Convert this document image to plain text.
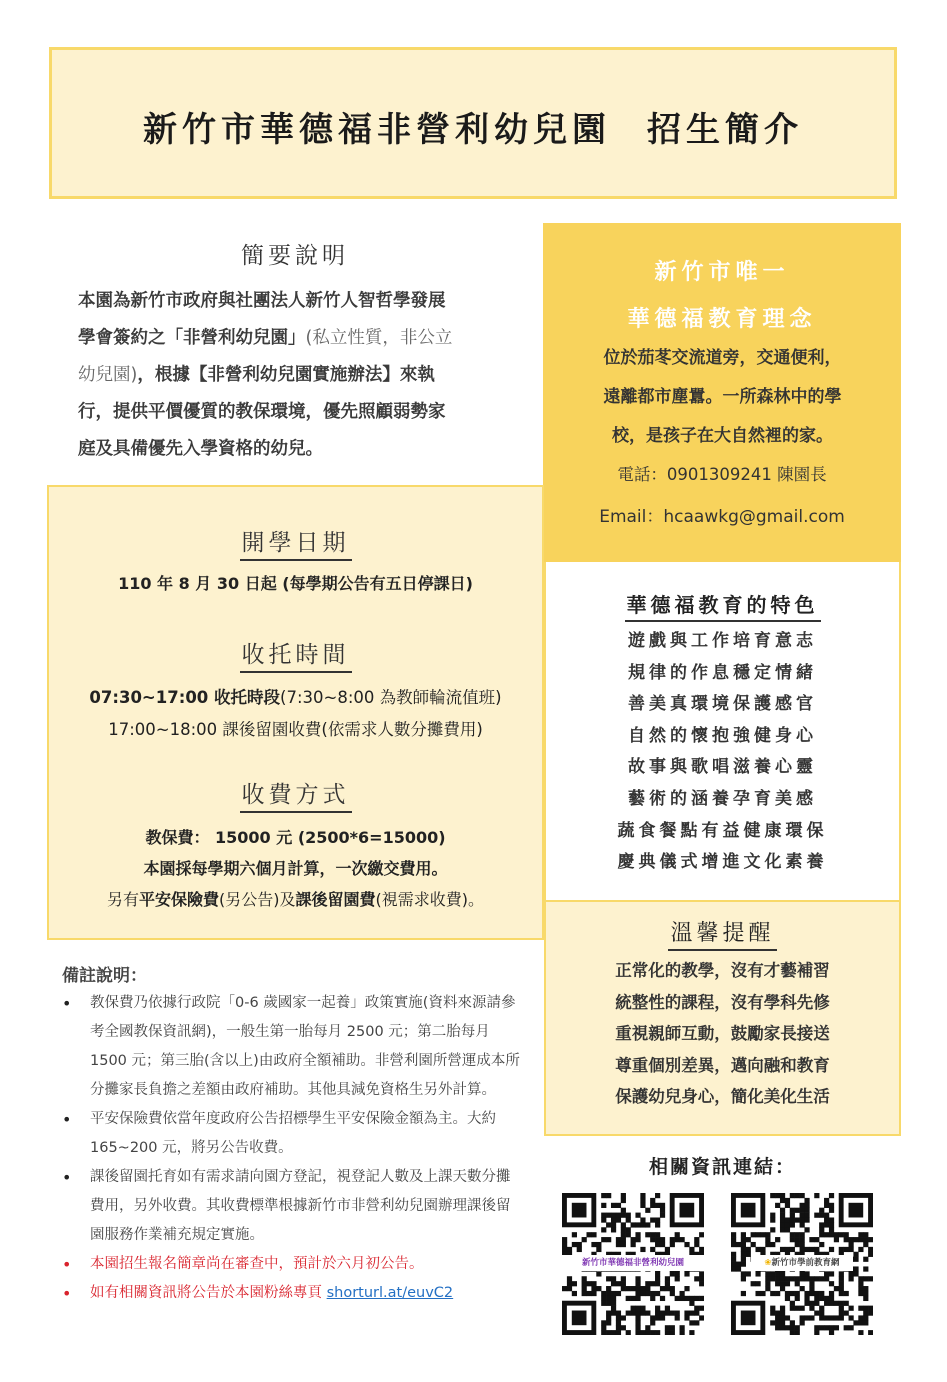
新竹市華德福非營利幼兒園 招生簡介
簡要說明
本園為新竹市政府與社團法人新竹人智哲學發展
學會簽約之「非營利幼兒園」(私立性質，非公立
幼兒園)，根據【非營利幼兒園實施辦法】來執
行，提供平價優質的教保環境，優先照顧弱勢家
庭及具備優先入學資格的幼兒。
新竹市唯一
華德福教育理念
位於茄苳交流道旁，交通便利，
遠離都市塵囂。一所森林中的學
校，是孩子在大自然裡的家。
電話：0901309241 陳園長
Email：hcaawkg@gmail.com
開學日期
110 年 8 月 30 日起 (每學期公告有五日停課日)
收托時間
07:30~17:00 收托時段(7:30~8:00 為教師輪流值班)
17:00~18:00 課後留園收費(依需求人數分攤費用)
收費方式
教保費： 15000 元 (2500*6=15000)
本園採每學期六個月計算，一次繳交費用。
另有平安保險費(另公告)及課後留園費(視需求收費)。
華德福教育的特色
遊戲與工作培育意志
規律的作息穩定情緒
善美真環境保護感官
自然的懷抱強健身心
故事與歌唱滋養心靈
藝術的涵養孕育美感
蔬食餐點有益健康環保
慶典儀式增進文化素養
溫馨提醒
正常化的教學，沒有才藝補習
統整性的課程，沒有學科先修
重視親師互動，鼓勵家長接送
尊重個別差異，邁向融和教育
保護幼兒身心，簡化美化生活
備註說明：
• 教保費乃依據行政院「0-6 歲國家一起養」政策實施(資料來源請參考全國教保資訊網)，一般生第一胎每月 2500 元；第二胎每月 1500 元；第三胎(含以上)由政府全額補助。非營利園所營運成本所分攤家長負擔之差額由政府補助。其他具減免資格生另外計算。
• 平安保險費依當年度政府公告招標學生平安保險金額為主。大約 165~200 元，將另公告收費。
• 課後留園托育如有需求請向園方登記，視登記人數及上課天數分攤費用，另外收費。其收費標準根據新竹市非營利幼兒園辦理課後留園服務作業補充規定實施。
• 本園招生報名簡章尚在審查中，預計於六月初公告。
• 如有相關資訊將公告於本園粉絲專頁 shorturl.at/euvC2
相關資訊連結：
新竹市華德福非營利幼兒園	❀新竹市學前教育網
